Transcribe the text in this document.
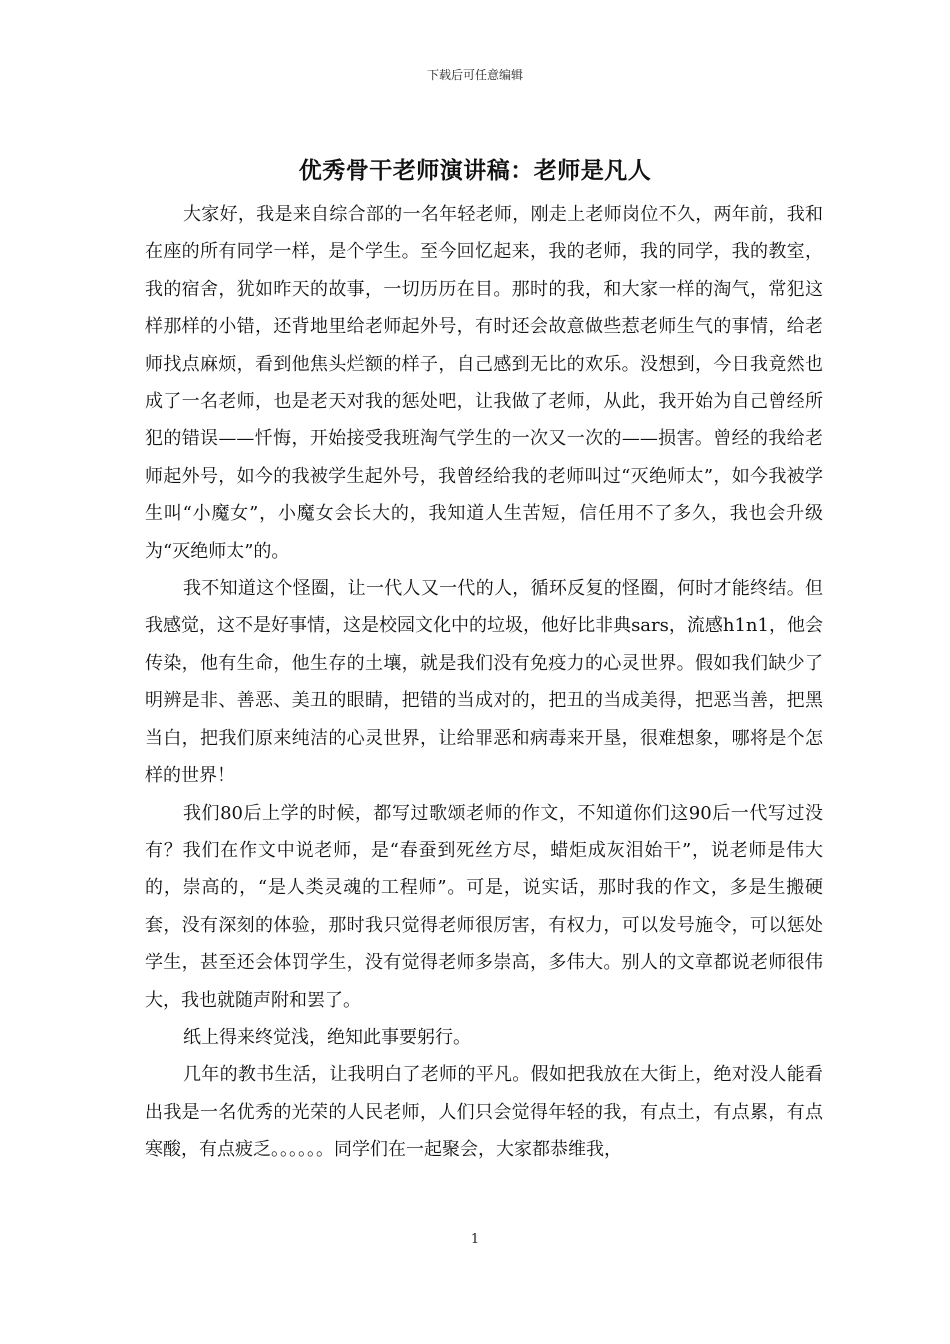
下载后可任意编辑
优秀骨干老师演讲稿：老师是凡人

大家好，我是来自综合部的一名年轻老师，刚走上老师岗位不久，两年前，我和在座的所有同学一样，是个学生。至今回忆起来，我的老师，我的同学，我的教室，我的宿舍，犹如昨天的故事，一切历历在目。那时的我，和大家一样的淘气，常犯这样那样的小错，还背地里给老师起外号，有时还会故意做些惹老师生气的事情，给老师找点麻烦，看到他焦头烂额的样子，自己感到无比的欢乐。没想到，今日我竟然也成了一名老师，也是老天对我的惩处吧，让我做了老师，从此，我开始为自己曾经所犯的错误——忏悔，开始接受我班淘气学生的一次又一次的——损害。曾经的我给老师起外号，如今的我被学生起外号，我曾经给我的老师叫过“灭绝师太”，如今我被学生叫“小魔女”，小魔女会长大的，我知道人生苦短，信任用不了多久，我也会升级为“灭绝师太”的。

我不知道这个怪圈，让一代人又一代的人，循环反复的怪圈，何时才能终结。但我感觉，这不是好事情，这是校园文化中的垃圾，他好比非典sars，流感h1n1，他会传染，他有生命，他生存的土壤，就是我们没有免疫力的心灵世界。假如我们缺少了明辨是非、善恶、美丑的眼睛，把错的当成对的，把丑的当成美得，把恶当善，把黑当白，把我们原来纯洁的心灵世界，让给罪恶和病毒来开垦，很难想象，哪将是个怎样的世界！

我们80后上学的时候，都写过歌颂老师的作文，不知道你们这90后一代写过没有？我们在作文中说老师，是“春蚕到死丝方尽，蜡炬成灰泪始干”，说老师是伟大的，崇高的，“是人类灵魂的工程师”。可是，说实话，那时我的作文，多是生搬硬套，没有深刻的体验，那时我只觉得老师很厉害，有权力，可以发号施令，可以惩处学生，甚至还会体罚学生，没有觉得老师多崇高，多伟大。别人的文章都说老师很伟大，我也就随声附和罢了。

纸上得来终觉浅，绝知此事要躬行。

几年的教书生活，让我明白了老师的平凡。假如把我放在大街上，绝对没人能看出我是一名优秀的光荣的人民老师，人们只会觉得年轻的我，有点土，有点累，有点寒酸，有点疲乏。。。。。。同学们在一起聚会，大家都恭维我，

1
